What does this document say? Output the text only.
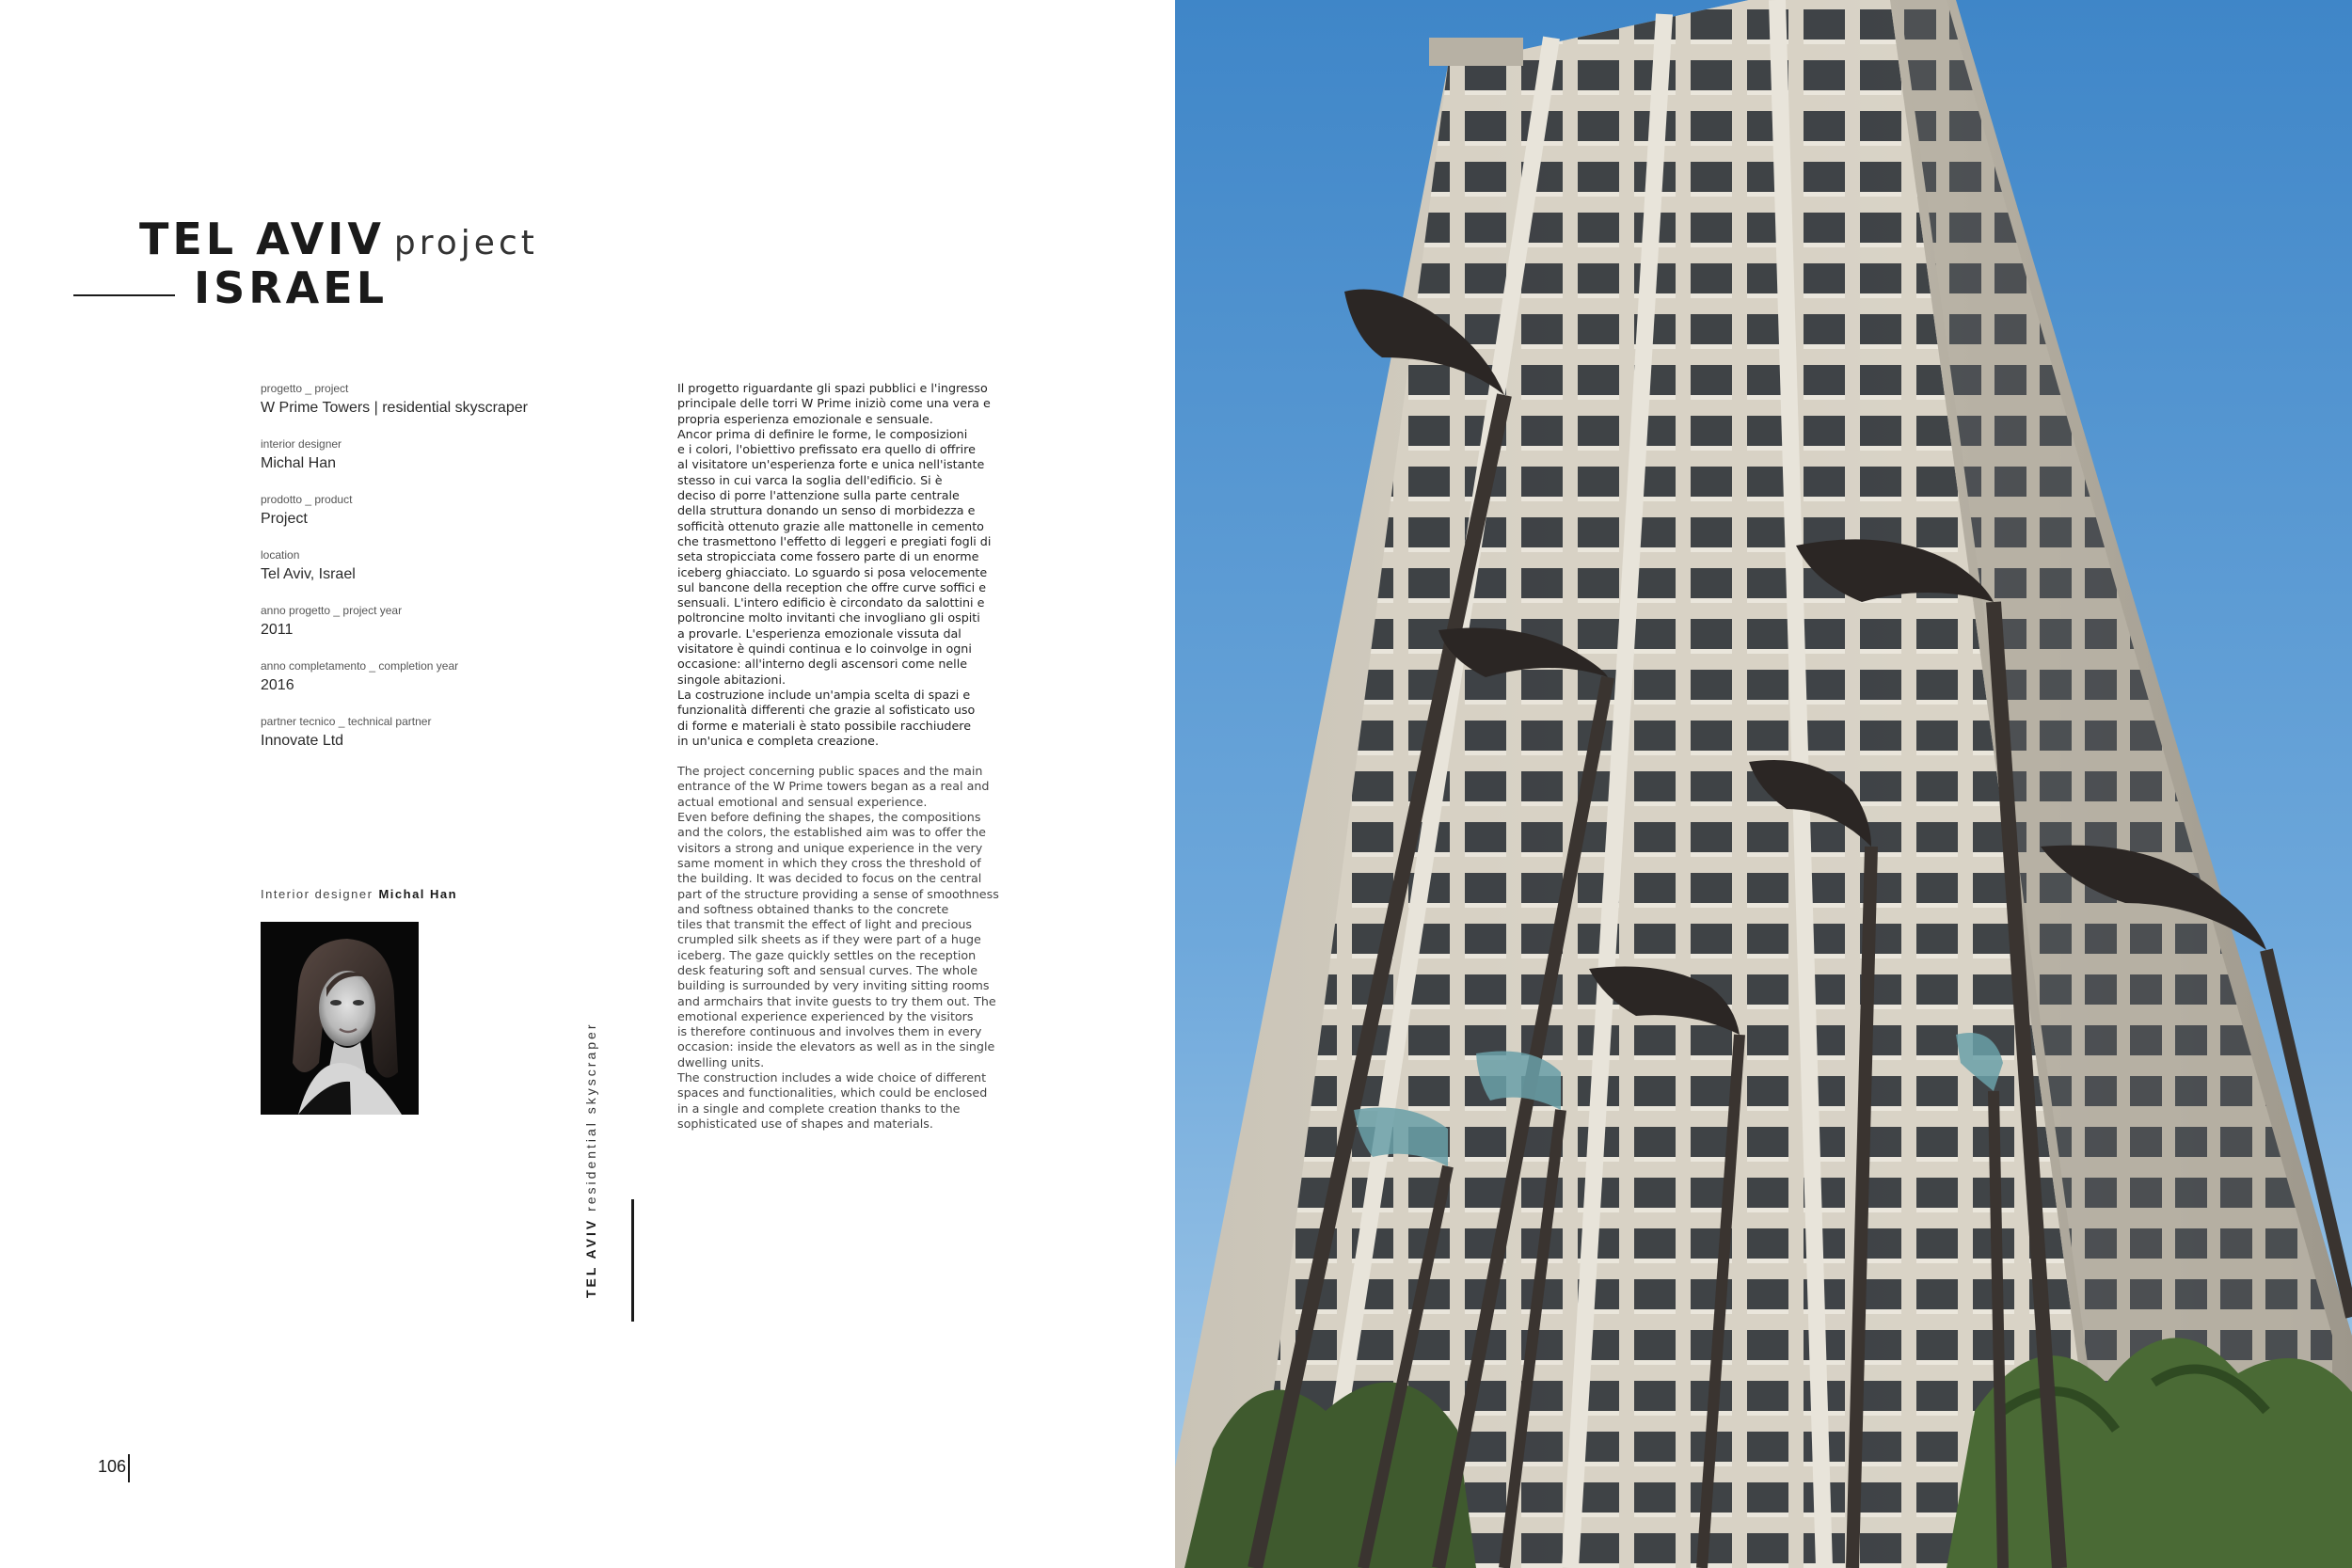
TEL AVIV project
ISRAEL
progetto _ project
W Prime Towers | residential skyscraper
interior designer
Michal Han
prodotto _ product
Project
location
Tel Aviv, Israel
anno progetto _ project year
2011
anno completamento _ completion year
2016
partner tecnico _ technical partner
Innovate Ltd
Interior designer Michal Han
TEL AVIV residential skyscraper

Il progetto riguardante gli spazi pubblici e l'ingresso
principale delle torri W Prime iniziò come una vera e
propria esperienza emozionale e sensuale.
Ancor prima di definire le forme, le composizioni
e i colori, l'obiettivo prefissato era quello di offrire
al visitatore un'esperienza forte e unica nell'istante
stesso in cui varca la soglia dell'edificio. Si è
deciso di porre l'attenzione sulla parte centrale
della struttura donando un senso di morbidezza e
sofficità ottenuto grazie alle mattonelle in cemento
che trasmettono l'effetto di leggeri e pregiati fogli di
seta stropicciata come fossero parte di un enorme
iceberg ghiacciato. Lo sguardo si posa velocemente
sul bancone della reception che offre curve soffici e
sensuali. L'intero edificio è circondato da salottini e
poltroncine molto invitanti che invogliano gli ospiti
a provarle. L'esperienza emozionale vissuta dal
visitatore è quindi continua e lo coinvolge in ogni
occasione: all'interno degli ascensori come nelle
singole abitazioni.
La costruzione include un'ampia scelta di spazi e
funzionalità differenti che grazie al sofisticato uso
di forme e materiali è stato possibile racchiudere
in un'unica e completa creazione.

The project concerning public spaces and the main
entrance of the W Prime towers began as a real and
actual emotional and sensual experience.
Even before defining the shapes, the compositions
and the colors, the established aim was to offer the
visitors a strong and unique experience in the very
same moment in which they cross the threshold of
the building. It was decided to focus on the central
part of the structure providing a sense of smoothness
and softness obtained thanks to the concrete
tiles that transmit the effect of light and precious
crumpled silk sheets as if they were part of a huge
iceberg. The gaze quickly settles on the reception
desk featuring soft and sensual curves. The whole
building is surrounded by very inviting sitting rooms
and armchairs that invite guests to try them out. The
emotional experience experienced by the visitors
is therefore continuous and involves them in every
occasion: inside the elevators as well as in the single
dwelling units.
The construction includes a wide choice of different
spaces and functionalities, which could be enclosed
in a single and complete creation thanks to the
sophisticated use of shapes and materials.

106
